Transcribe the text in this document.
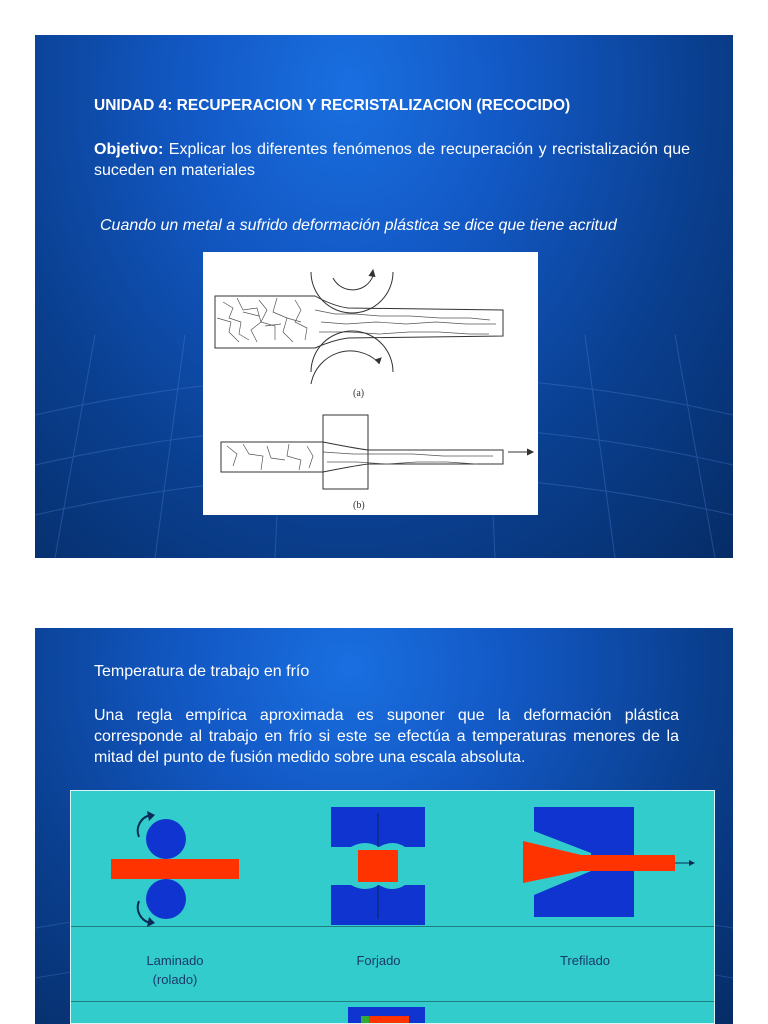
UNIDAD 4: RECUPERACION Y RECRISTALIZACION (RECOCIDO)
Objetivo: Explicar los diferentes fenómenos de recuperación y recristalización que suceden en materiales
Cuando un metal a sufrido deformación plástica se dice que tiene acritud
(a)
(b)
Temperatura de trabajo en frío
Una regla empírica aproximada es suponer que la deformación plástica corresponde al trabajo en frío si este se efectúa a temperaturas menores de la mitad del punto de fusión medido sobre una escala absoluta.
Laminado
(rolado)
Forjado	Trefilado
